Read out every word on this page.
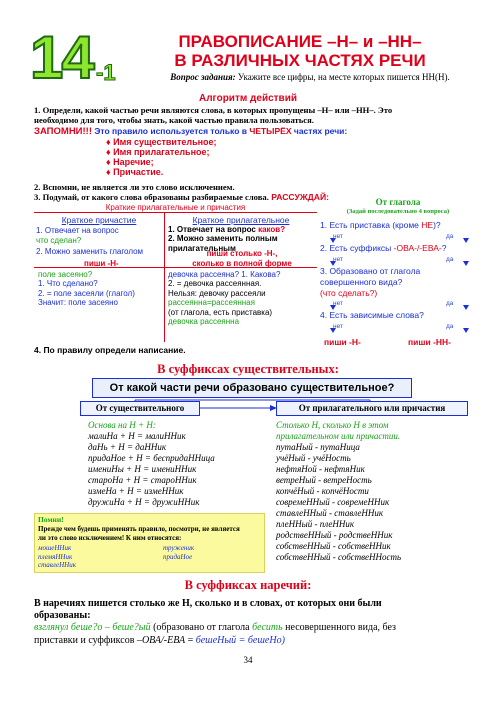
14 -1
ПРАВОПИСАНИЕ –Н– и –НН–
В РАЗЛИЧНЫХ ЧАСТЯХ РЕЧИ
Вопрос задания: Укажите все цифры, на месте которых пишется НН(Н).
Алгоритм действий
1. Определи, какой частью речи являются слова, в которых пропущены –Н– или –НН–. Это
необходимо для того, чтобы знать, какой частью правила пользоваться.
ЗАПОМНИ!!! Это правило используется только в ЧЕТЫРЁХ частях речи:
♦ Имя существительное;
♦ Имя прилагательное;
♦ Наречие;
♦ Причастие.
2. Вспомни, не является ли это слово исключением.
3. Подумай, от какого слова образованы разбираемые слова. РАССУЖДАЙ:
Краткие прилагательные и причастия
Краткое причастие
1. Отвечает на вопрос
что сделан?
2. Можно заменить глаголом
пиши -Н-
Краткое прилагательное
1. Отвечает на вопрос каков?
2. Можно заменить полным прилагательным
пиши столько -Н-,
сколько в полной форме
поле засеяно?
1. Что сделано?
2. = поле засеяли (глагол)
Значит: поле засеяно
девочка рассеяна? 1. Какова?
2. = девочка рассеянная.
Нельзя: девочку рассеяли
рассеянна=рассеянная
(от глагола, есть приставка)
девочка рассеянна
От глагола
(Задай последовательно 4 вопроса)
1. Есть приставка (кроме НЕ)?
нет	да
2. Есть суффиксы -ОВА-/-ЕВА-?
нет	да
3. Образовано от глагола
совершенного вида?
(что сделать?)
нет	да
4. Есть зависимые слова?
нет	да
пиши -Н-	пиши -НН-
4. По правилу определи написание.
В суффиксах существительных:
От какой части речи образовано существительное?
От существительного	От прилагательного или причастия
Основа на Н + Н:
малиНа + Н = малиННик
даНь + Н = даННик
придаНое + Н = беспридаННица
имениНы + Н = имениННик
староНа + Н = староННик
измеНа + Н = измеННик
дружиНа + Н = дружиННик
Столько Н, сколько Н в этом
прилагательном или причастии.
путаНый - путаНица
учёНый - учёНость
нефтяНой - нефтяНик
ветреНый - ветреНость
копчёНый - копчёНости
совремеННый - совремеННик
ставлеННый - ставлеННик
плеННый - плеННик
родствеННый - родствеННик
собствеННый - собствеННик
собствеННый - собствеННость
Помни!
Прежде чем будешь применять правило, посмотри, не является
ли это слово исключением! К ним относятся:
мошеННик
племяННик
ставлеННик
труженик
придаНое
В суффиксах наречий:
В наречиях пишется столько же Н, сколько и в словах, от которых они были
образованы:
взглянул беше?о – беше?ый (образовано от глагола бесить несовершенного вида, без
приставки и суффиксов –ОВА/-ЕВА = бешеНый = бешеНо)
34
